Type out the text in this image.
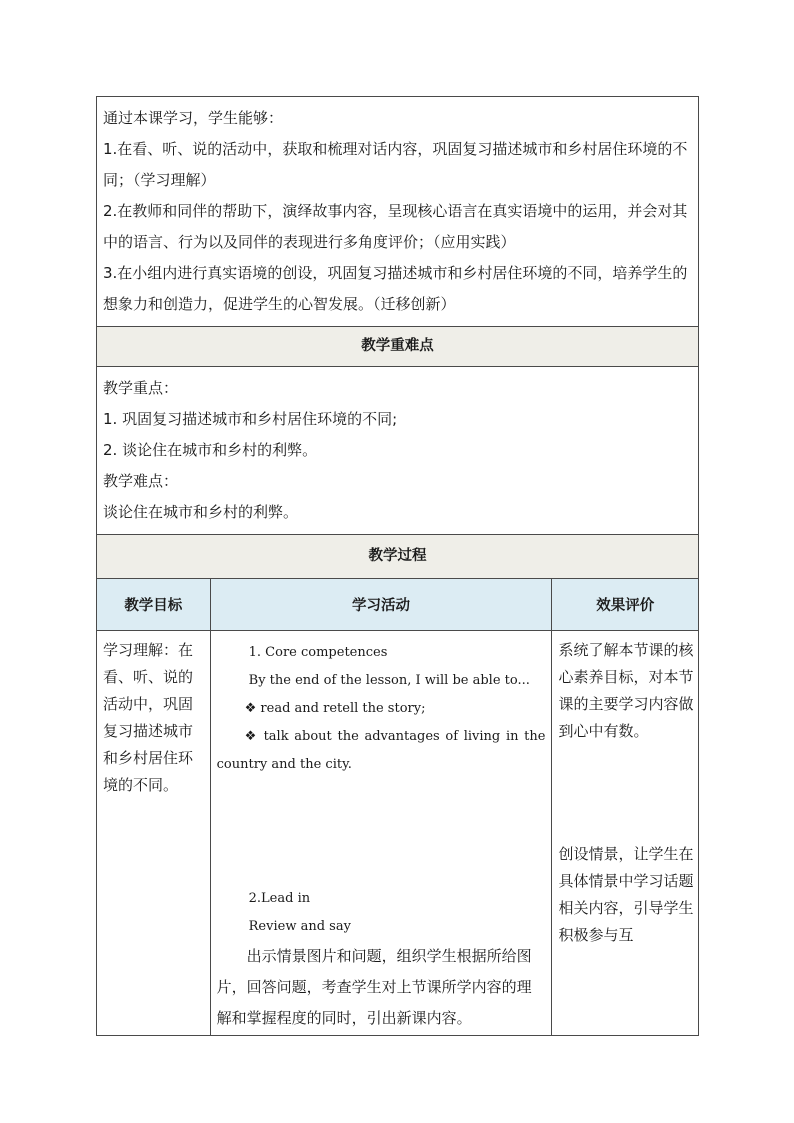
通过本课学习，学生能够：

1.在看、听、说的活动中，获取和梳理对话内容，巩固复习描述城市和乡村居住环境的不同；（学习理解）

2.在教师和同伴的帮助下，演绎故事内容，呈现核心语言在真实语境中的运用，并会对其中的语言、行为以及同伴的表现进行多角度评价；（应用实践）

3.在小组内进行真实语境的创设，巩固复习描述城市和乡村居住环境的不同，培养学生的想象力和创造力，促进学生的心智发展。（迁移创新）

教学重难点

教学重点：

1. 巩固复习描述城市和乡村居住环境的不同;

2. 谈论住在城市和乡村的利弊。

教学难点：

谈论住在城市和乡村的利弊。

教学过程
教学目标	学习活动	效果评价
学习理解：在看、听、说的活动中，巩固复习描述城市和乡村居住环境的不同。
1. Core competences
By the end of the lesson, I will be able to...
❖ read and retell the story;
❖ talk about the advantages of living in the country and the city.
2.Lead in
Review and say
出示情景图片和问题，组织学生根据所给图片，回答问题，考查学生对上节课所学内容的理解和掌握程度的同时，引出新课内容。
系统了解本节课的核心素养目标，对本节课的主要学习内容做到心中有数。
创设情景，让学生在具体情景中学习话题相关内容，引导学生积极参与互
